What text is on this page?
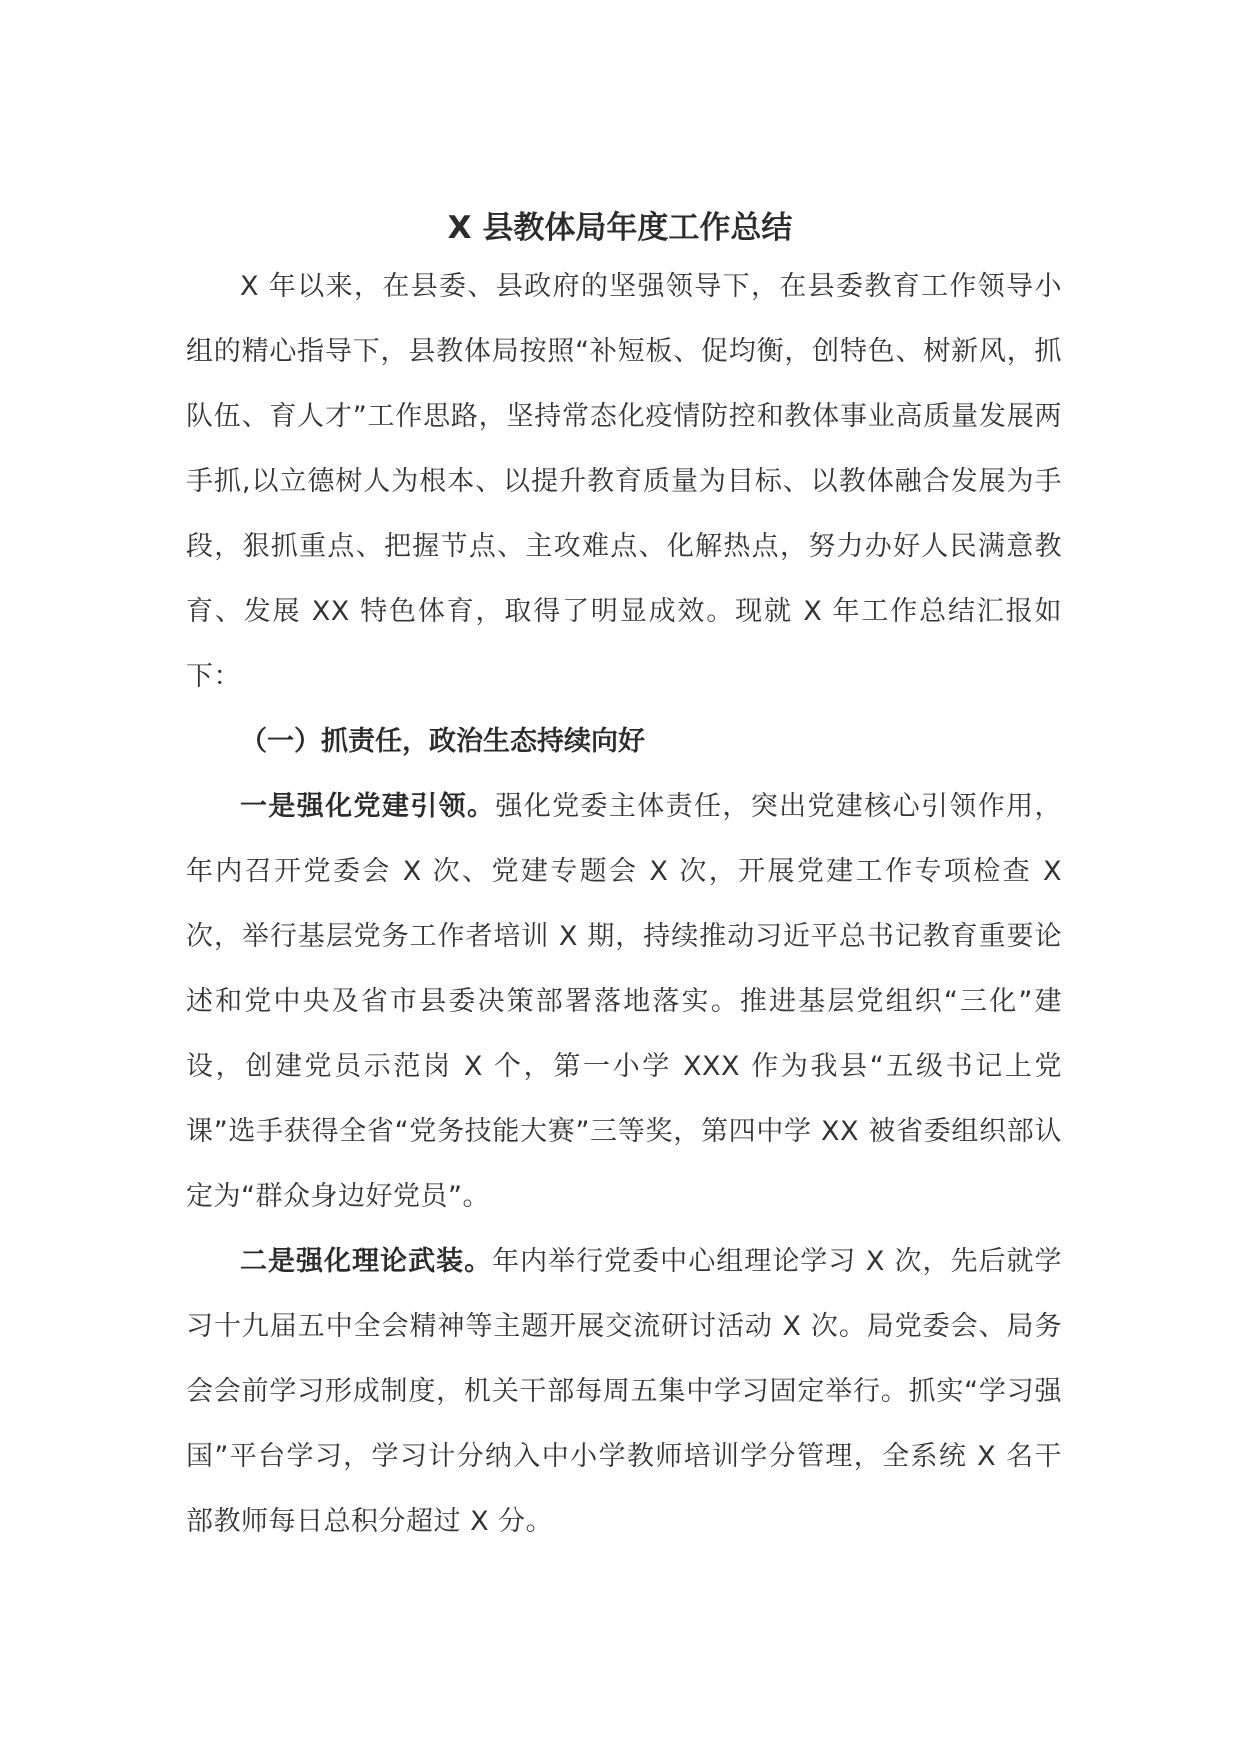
X 县教体局年度工作总结

X 年以来，在县委、县政府的坚强领导下，在县委教育工作领导小组的精心指导下，县教体局按照“补短板、促均衡，创特色、树新风，抓队伍、育人才”工作思路，坚持常态化疫情防控和教体事业高质量发展两手抓,以立德树人为根本、以提升教育质量为目标、以教体融合发展为手段，狠抓重点、把握节点、主攻难点、化解热点，努力办好人民满意教育、发展 XX 特色体育，取得了明显成效。现就 X 年工作总结汇报如下：

（一）抓责任，政治生态持续向好

一是强化党建引领。强化党委主体责任，突出党建核心引领作用，年内召开党委会 X 次、党建专题会 X 次，开展党建工作专项检查 X 次，举行基层党务工作者培训 X 期，持续推动习近平总书记教育重要论述和党中央及省市县委决策部署落地落实。推进基层党组织“三化”建设，创建党员示范岗 X 个，第一小学 XXX 作为我县“五级书记上党课”选手获得全省“党务技能大赛”三等奖，第四中学 XX 被省委组织部认定为“群众身边好党员”。

二是强化理论武装。年内举行党委中心组理论学习 X 次，先后就学习十九届五中全会精神等主题开展交流研讨活动 X 次。局党委会、局务会会前学习形成制度，机关干部每周五集中学习固定举行。抓实“学习强国”平台学习，学习计分纳入中小学教师培训学分管理，全系统 X 名干部教师每日总积分超过 X 分。
